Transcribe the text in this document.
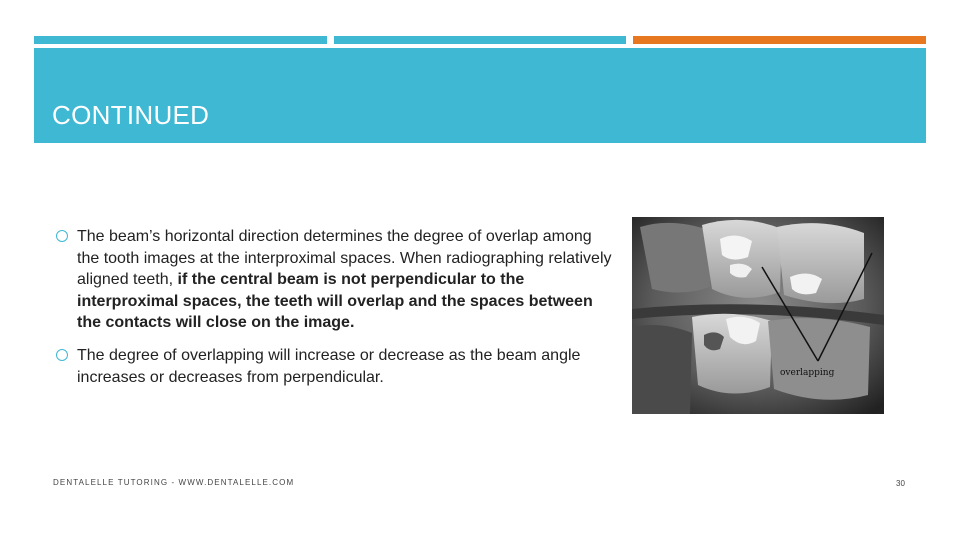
CONTINUED
The beam’s horizontal direction determines the degree of overlap among the tooth images at the interproximal spaces. When radiographing relatively aligned teeth, if the central beam is not perpendicular to the interproximal spaces, the teeth will overlap and the spaces between the contacts will close on the image.
The degree of overlapping will increase or decrease as the beam angle increases or decreases from perpendicular.	overlapping
DENTALELLE TUTORING - WWW.DENTALELLE.COM	30
